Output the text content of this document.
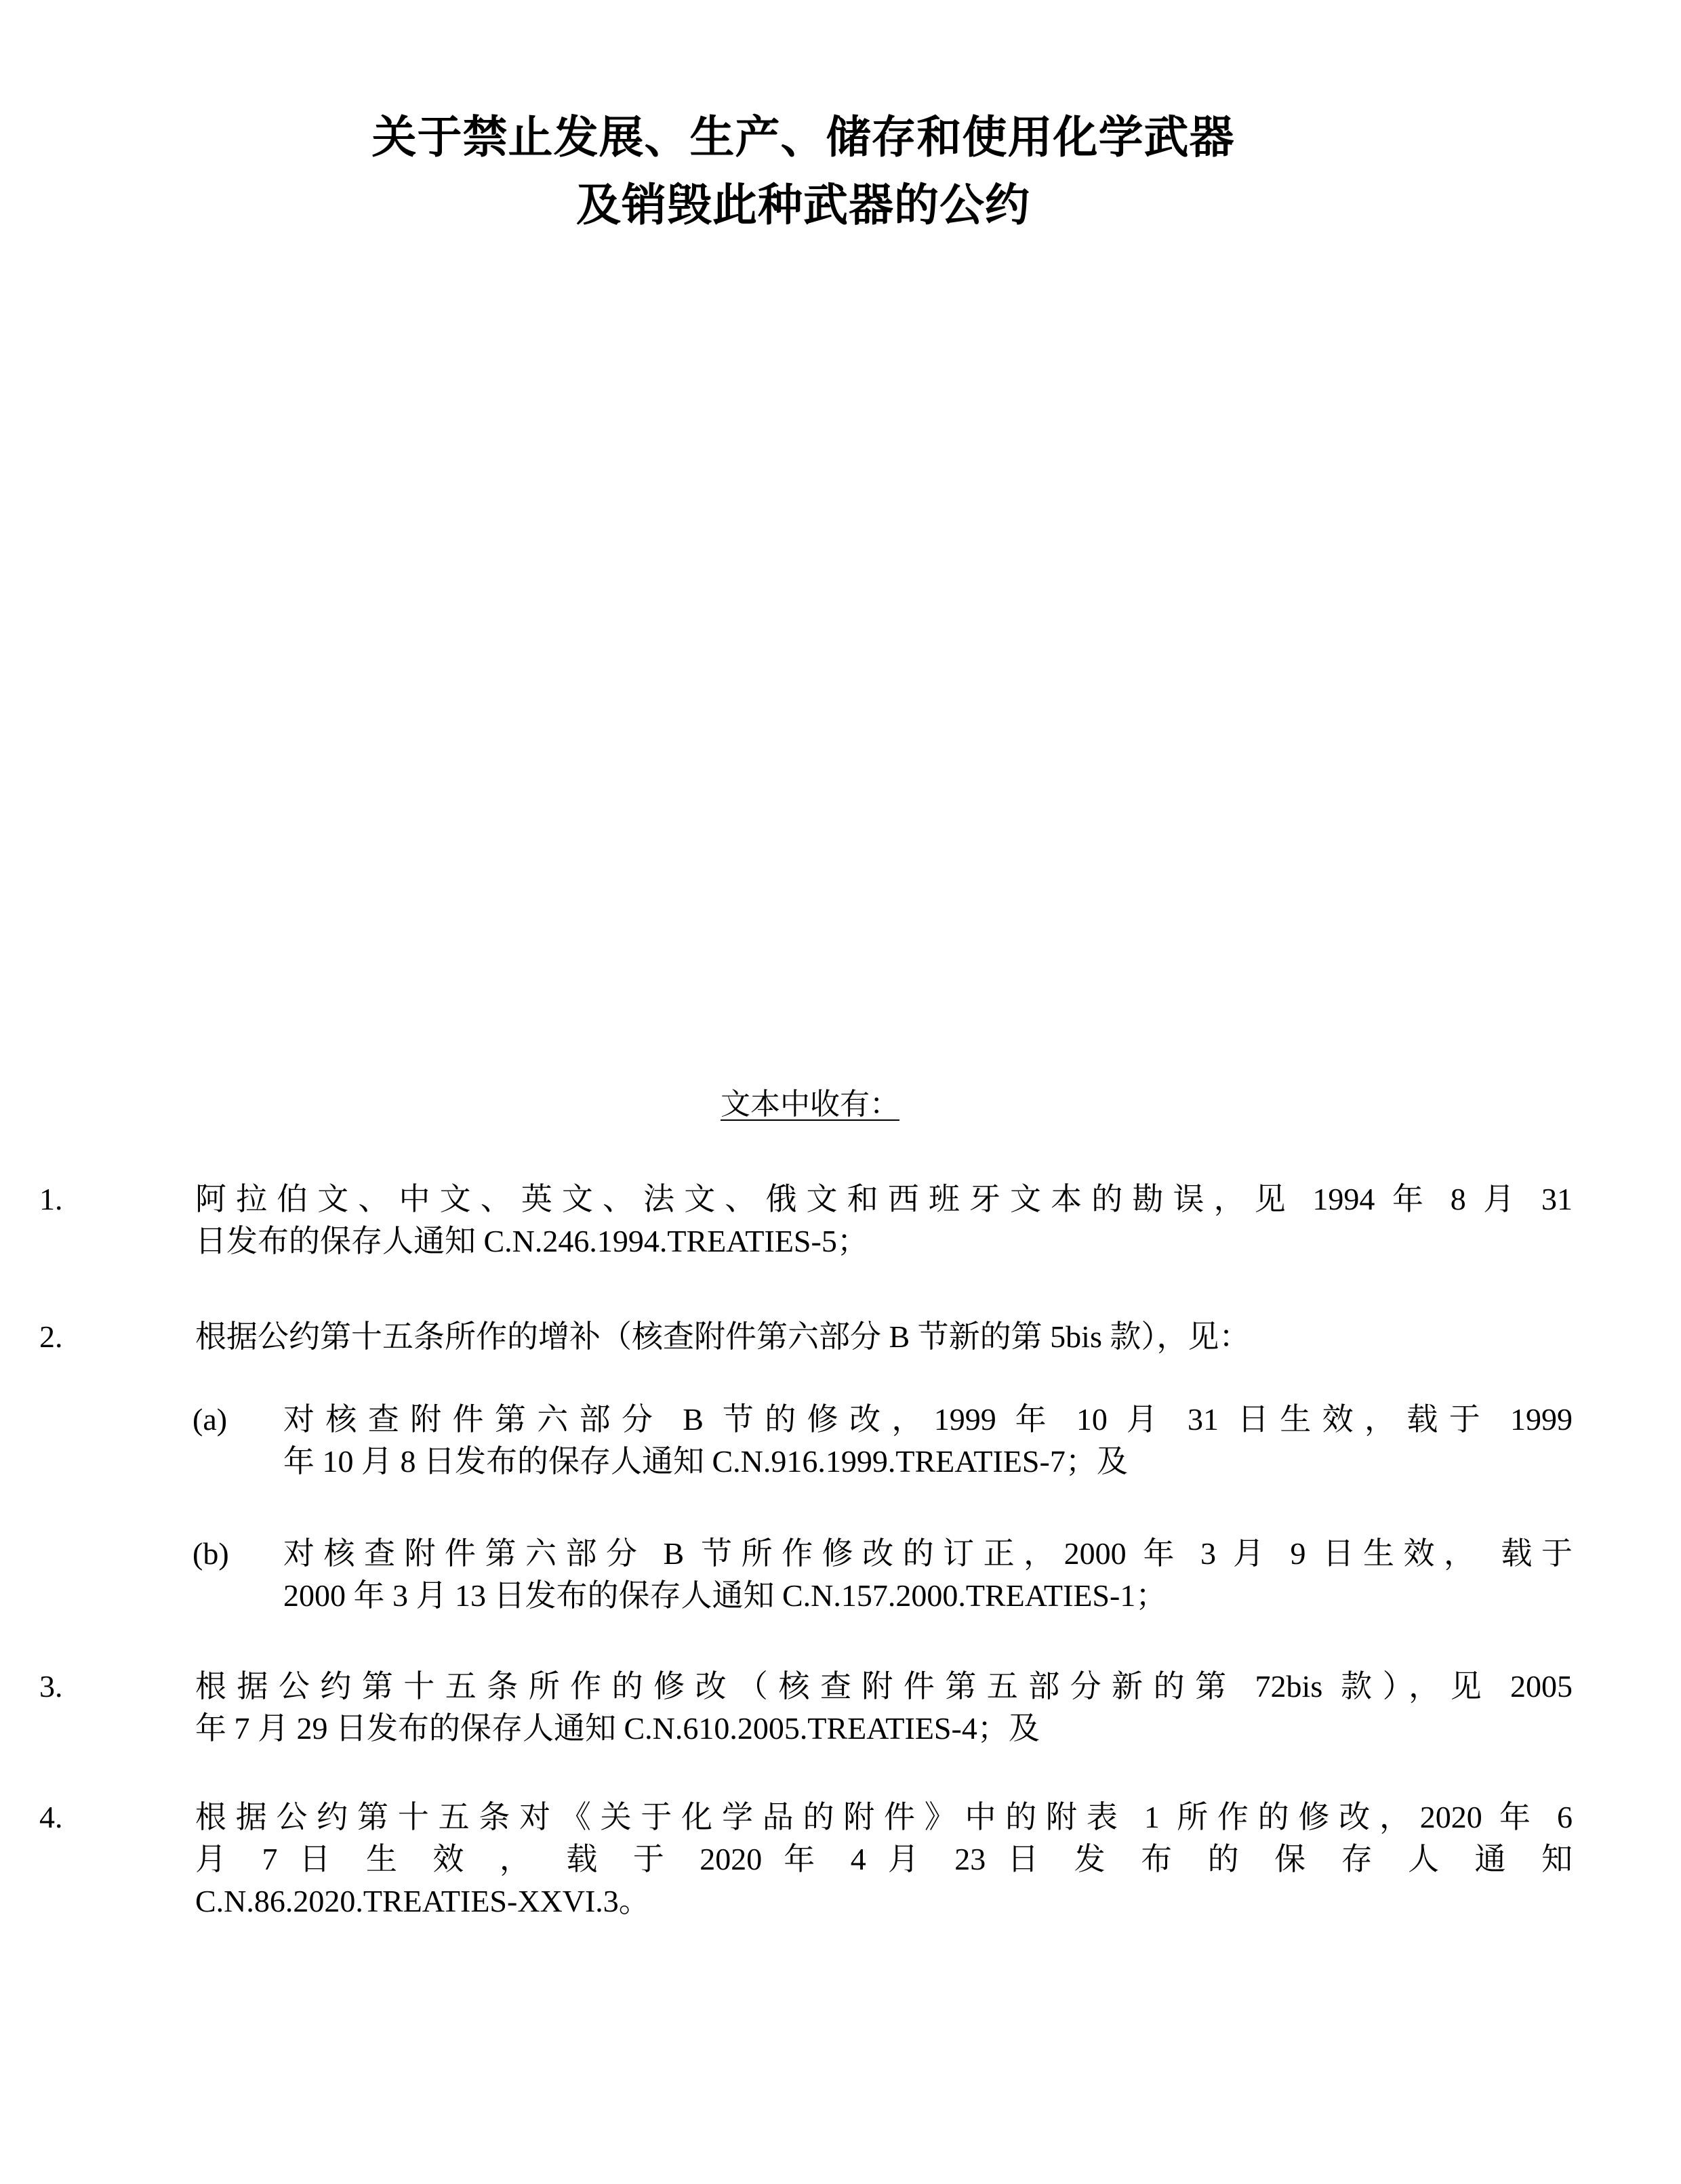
关于禁止发展、生产、储存和使用化学武器
及销毁此种武器的公约
文本中收有：
1.	阿拉伯文、中文、英文、法文、俄文和西班牙文本的勘误，见 1994 年 8 月 31
日发布的保存人通知 C.N.246.1994.TREATIES-5；
2.	根据公约第十五条所作的增补（核查附件第六部分 B 节新的第 5bis 款），见：
(a)	对核查附件第六部分 B 节的修改，1999 年 10 月 31 日生效，载于 1999
年 10 月 8 日发布的保存人通知 C.N.916.1999.TREATIES-7；及
(b)	对核查附件第六部分 B 节所作修改的订正，2000 年 3 月 9 日生效， 载于
2000 年 3 月 13 日发布的保存人通知 C.N.157.2000.TREATIES-1；
3.	根据公约第十五条所作的修改（核查附件第五部分新的第 72bis 款），见 2005
年 7 月 29 日发布的保存人通知 C.N.610.2005.TREATIES-4；及
4.	根据公约第十五条对《关于化学品的附件》中的附表 1 所作的修改，2020 年 6
月 7 日 生 效 ， 载 于 2020 年 4 月 23 日 发 布 的 保 存 人 通 知
C.N.86.2020.TREATIES-XXVI.3。
